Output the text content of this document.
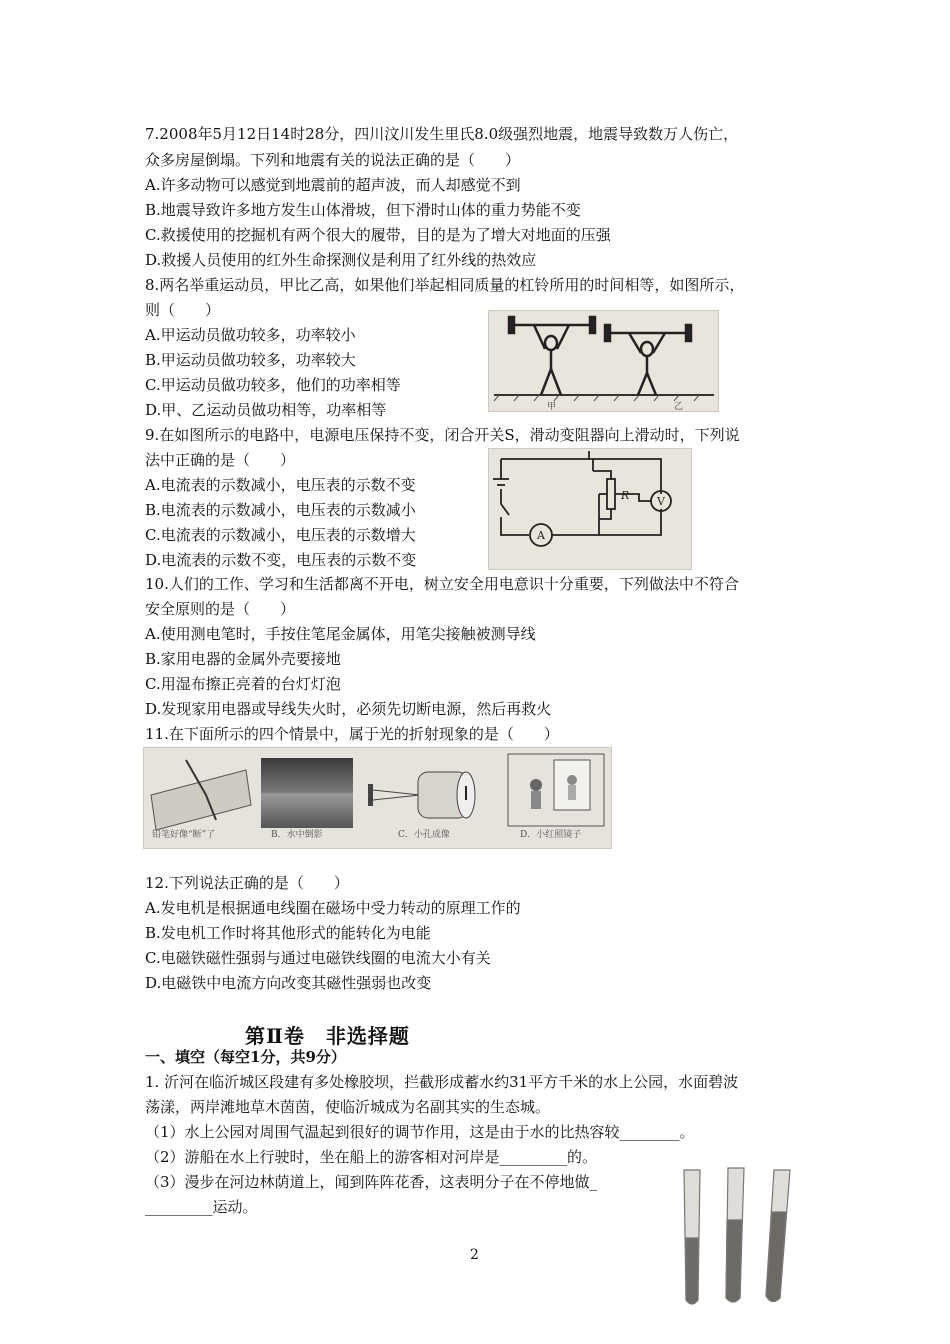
7.2008年5月12日14时28分，四川汶川发生里氏8.0级强烈地震，地震导致数万人伤亡，
众多房屋倒塌。下列和地震有关的说法正确的是（　　）
A.许多动物可以感觉到地震前的超声波，而人却感觉不到
B.地震导致许多地方发生山体滑坡，但下滑时山体的重力势能不变
C.救援使用的挖掘机有两个很大的履带，目的是为了增大对地面的压强
D.救援人员使用的红外生命探测仪是利用了红外线的热效应
8.两名举重运动员，甲比乙高，如果他们举起相同质量的杠铃所用的时间相等，如图所示，
则（　　）
A.甲运动员做功较多，功率较小
B.甲运动员做功较多，功率较大
C.甲运动员做功较多，他们的功率相等
D.甲、乙运动员做功相等，功率相等	甲	乙
9.在如图所示的电路中，电源电压保持不变，闭合开关S，滑动变阻器向上滑动时，下列说
法中正确的是（　　）
A.电流表的示数减小，电压表的示数不变
B.电流表的示数减小，电压表的示数减小
C.电流表的示数减小，电压表的示数增大
D.电流表的示数不变，电压表的示数不变
A
R	V
10.人们的工作、学习和生活都离不开电，树立安全用电意识十分重要，下列做法中不符合
安全原则的是（　　）
A.使用测电笔时，手按住笔尾金属体，用笔尖接触被测导线
B.家用电器的金属外壳要接地
C.用湿布擦正亮着的台灯灯泡
D.发现家用电器或导线失火时，必须先切断电源，然后再救火
11.在下面所示的四个情景中，属于光的折射现象的是（　　）
铅笔好像“断”了	B．水中倒影	C．小孔成像	D．小红照镜子
12.下列说法正确的是（　　）
A.发电机是根据通电线圈在磁场中受力转动的原理工作的
B.发电机工作时将其他形式的能转化为电能
C.电磁铁磁性强弱与通过电磁铁线圈的电流大小有关
D.电磁铁中电流方向改变其磁性强弱也改变
第Ⅱ卷　非选择题
一、填空（每空1分，共9分）
1. 沂河在临沂城区段建有多处橡胶坝，拦截形成蓄水约31平方千米的水上公园，水面碧波
荡漾，两岸滩地草木茵茵，使临沂城成为名副其实的生态城。
（1）水上公园对周围气温起到很好的调节作用，这是由于水的比热容较________。
（2）游船在水上行驶时，坐在船上的游客相对河岸是_________的。
（3）漫步在河边林荫道上，闻到阵阵花香，这表明分子在不停地做_
_________运动。
2
